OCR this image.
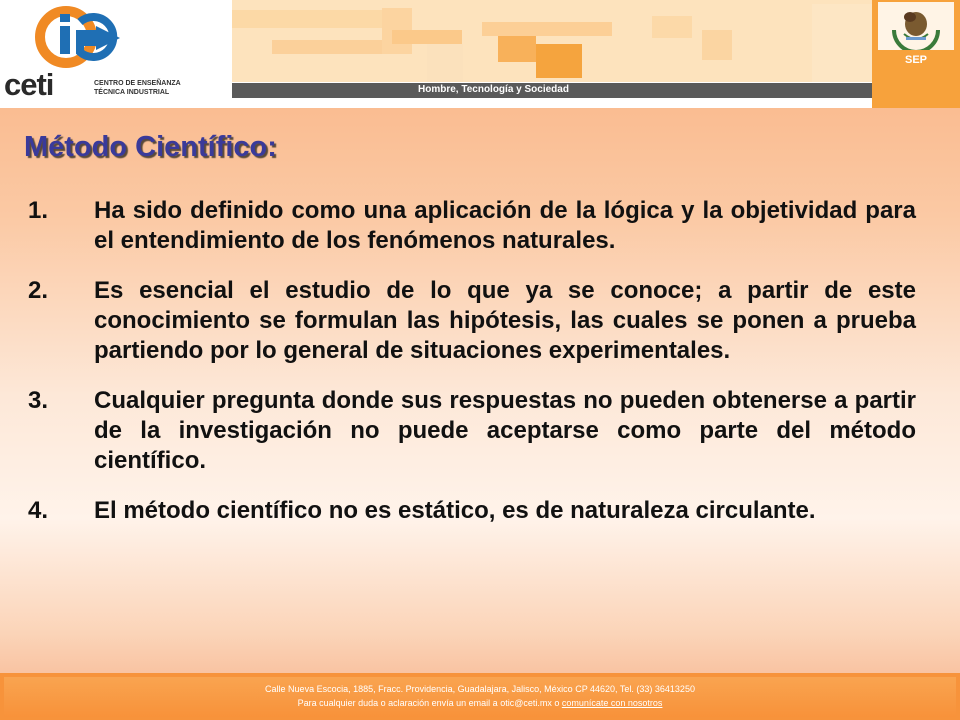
ceti	CENTRO DE ENSEÑANZA
TÉCNICA INDUSTRIAL	Hombre, Tecnología y Sociedad
SEP
Método Científico:
1. Ha sido definido como una aplicación de la lógica y la objetividad para el entendimiento de los fenómenos naturales.
2. Es esencial el estudio de lo que ya se conoce; a partir de este conocimiento se formulan las hipótesis, las cuales se ponen a prueba partiendo por lo general de situaciones experimentales.
3. Cualquier pregunta donde sus respuestas no pueden obtenerse a partir de la investigación no puede aceptarse como parte del método científico.
4. El método científico no es estático, es de naturaleza circulante.
Calle Nueva Escocia, 1885, Fracc. Providencia, Guadalajara, Jalisco, México CP 44620, Tel. (33) 36413250
Para cualquier duda o aclaración envía un email a otic@ceti.mx o comunícate con nosotros
